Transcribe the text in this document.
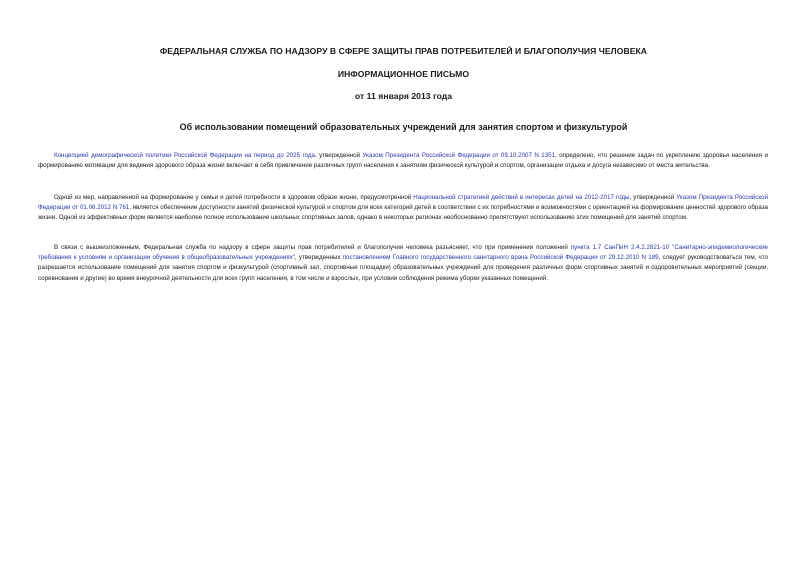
ФЕДЕРАЛЬНАЯ СЛУЖБА ПО НАДЗОРУ В СФЕРЕ ЗАЩИТЫ ПРАВ ПОТРЕБИТЕЛЕЙ И БЛАГОПОЛУЧИЯ ЧЕЛОВЕКА
ИНФОРМАЦИОННОЕ ПИСЬМО
от 11 января 2013 года
Об использовании помещений образовательных учреждений для занятия спортом и физкультурой
Концепцией демографической политики Российской Федерации на период до 2025 года, утвержденной Указом Президента Российской Федерации от 09.10.2007 N 1351, определено, что решение задач по укреплению здоровья населения и формированию мотивации для ведения здорового образа жизни включает в себя привлечение различных групп населения к занятиям физической культурой и спортом, организации отдыха и досуга независимо от места жительства.
Одной из мер, направленной на формирование у семьи и детей потребности в здоровом образе жизни, предусмотренной Национальной стратегией действий в интересах детей на 2012-2017 годы, утвержденной Указом Президента Российской Федерации от 01.06.2012 N 761, является обеспечение доступности занятий физической культурой и спортом для всех категорий детей в соответствии с их потребностями и возможностями с ориентацией на формирование ценностей здорового образа жизни. Одной из эффективных форм является наиболее полное использование школьных спортивных залов, однако в некоторых регионах необоснованно препятствуют использованию этих помещений для занятий спортом.
В связи с вышеизложенным, Федеральная служба по надзору в сфере защиты прав потребителей и благополучия человека разъясняет, что при применении положений пункта 1.7 СанПиН 2.4.2.2821-10 "Санитарно-эпидемиологические требования к условиям и организации обучения в общеобразовательных учреждениях", утвержденных постановлением Главного государственного санитарного врача Российской Федерации от 29.12.2010 N 189, следует руководствоваться тем, что разрешается использование помещений для занятия спортом и физкультурой (спортивный зал, спортивные площадки) образовательных учреждений для проведения различных форм спортивных занятий и оздоровительных мероприятий (секции, соревнования и другие) во время внеурочной деятельности для всех групп населения, в том числе и взрослых, при условии соблюдения режима уборки указанных помещений.
